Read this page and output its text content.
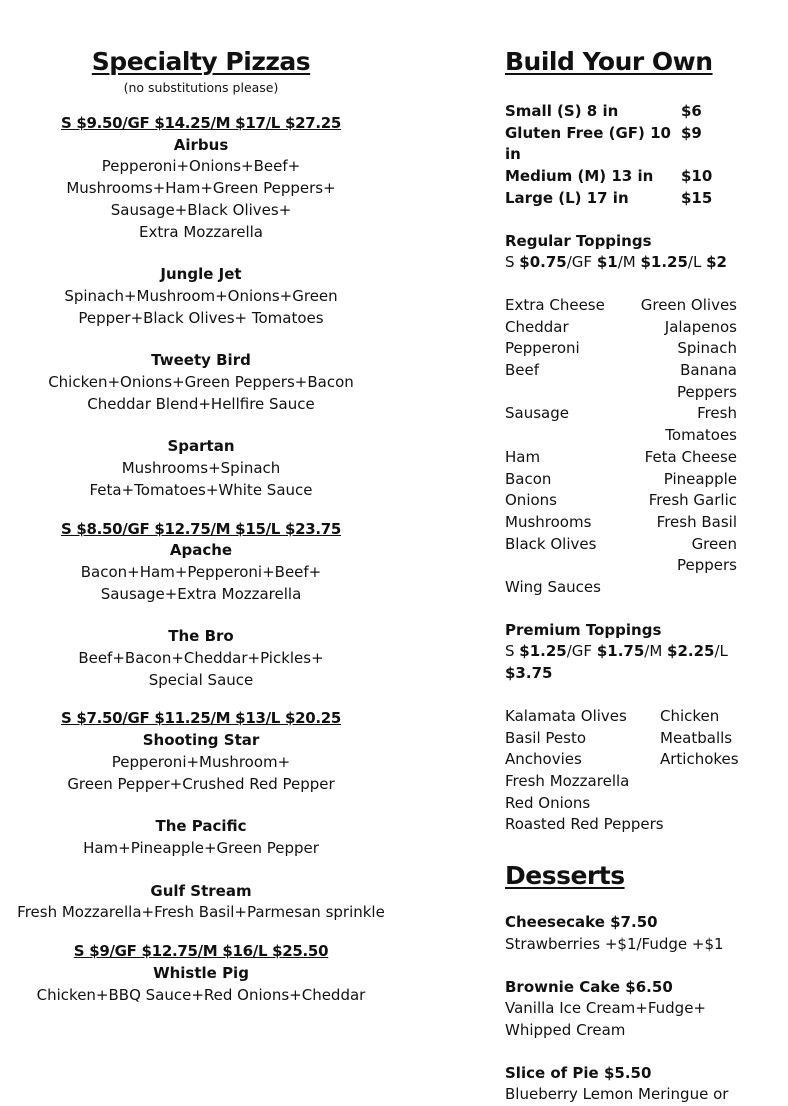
Specialty Pizzas
(no substitutions please)
S $9.50/GF $14.25/M $17/L $27.25
Airbus
Pepperoni+Onions+Beef+
Mushrooms+Ham+Green Peppers+
Sausage+Black Olives+
Extra Mozzarella
Jungle Jet
Spinach+Mushroom+Onions+Green
Pepper+Black Olives+ Tomatoes
Tweety Bird
Chicken+Onions+Green Peppers+Bacon
Cheddar Blend+Hellfire Sauce
Spartan
Mushrooms+Spinach
Feta+Tomatoes+White Sauce
S $8.50/GF $12.75/M $15/L $23.75
Apache
Bacon+Ham+Pepperoni+Beef+
Sausage+Extra Mozzarella
The Bro
Beef+Bacon+Cheddar+Pickles+
Special Sauce
S $7.50/GF $11.25/M $13/L $20.25
Shooting Star
Pepperoni+Mushroom+
Green Pepper+Crushed Red Pepper
The Pacific
Ham+Pineapple+Green Pepper
Gulf Stream
Fresh Mozzarella+Fresh Basil+Parmesan sprinkle
S $9/GF $12.75/M $16/L $25.50
Whistle Pig
Chicken+BBQ Sauce+Red Onions+Cheddar
Build Your Own
Small (S) 8 in	$6
Gluten Free (GF) 10 in
$9
Medium (M) 13 in	$10
Large (L) 17 in	$15
Regular Toppings
S $0.75/GF $1/M $1.25/L $2
Extra Cheese	Green Olives
Cheddar	Jalapenos
Pepperoni	Spinach
Beef	Banana Peppers
Sausage	Fresh Tomatoes
Ham	Feta Cheese
Bacon	Pineapple
Onions	Fresh Garlic
Mushrooms	Fresh Basil
Black Olives	Green Peppers
Wing Sauces
Premium Toppings
S $1.25/GF $1.75/M $2.25/L $3.75
Kalamata Olives	Chicken
Basil Pesto	Meatballs
Anchovies	Artichokes
Fresh Mozzarella
Red Onions
Roasted Red Peppers
Desserts
Cheesecake $7.50
Strawberries +$1/Fudge +$1
Brownie Cake $6.50
Vanilla Ice Cream+Fudge+
Whipped Cream
Slice of Pie $5.50
Blueberry Lemon Meringue or
